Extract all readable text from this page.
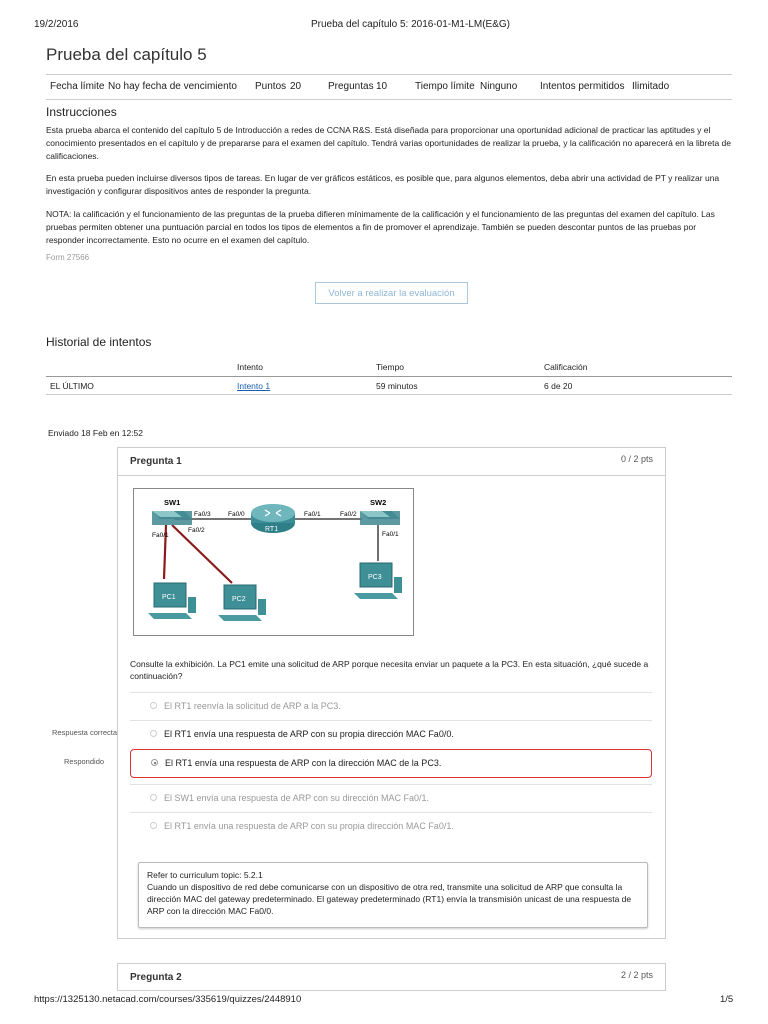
19/2/2016	Prueba del capítulo 5: 2016-01-M1-LM(E&G)
Prueba del capítulo 5
Fecha límite No hay fecha de vencimiento Puntos 20	Preguntas 10	Tiempo límite Ninguno Intentos permitidos Ilimitado
Instrucciones
Esta prueba abarca el contenido del capítulo 5 de Introducción a redes de CCNA R&S. Está diseñada para proporcionar una oportunidad adicional de practicar las aptitudes y el conocimiento presentados en el capítulo y de prepararse para el examen del capítulo. Tendrá varias oportunidades de realizar la prueba, y la calificación no aparecerá en la libreta de calificaciones.
En esta prueba pueden incluirse diversos tipos de tareas. En lugar de ver gráficos estáticos, es posible que, para algunos elementos, deba abrir una actividad de PT y realizar una investigación y configurar dispositivos antes de responder la pregunta.
NOTA: la calificación y el funcionamiento de las preguntas de la prueba difieren mínimamente de la calificación y el funcionamiento de las preguntas del examen del capítulo. Las pruebas permiten obtener una puntuación parcial en todos los tipos de elementos a fin de promover el aprendizaje. También se pueden descontar puntos de las pruebas por responder incorrectamente. Esto no ocurre en el examen del capítulo.
Form 27566
Volver a realizar la evaluación
Historial de intentos
Intento	Tiempo	Calificación
EL ÚLTIMO	Intento 1	59 minutos	6 de 20
Enviado 18 Feb en 12:52
Pregunta 1	0 / 2 pts
SW1
Fa0/3
Fa0/2
Fa0/1
RT1
Fa0/0	Fa0/1
SW2
Fa0/2
Fa0/1
PC1	PC2
PC3
Consulte la exhibición. La PC1 emite una solicitud de ARP porque necesita enviar un paquete a la PC3. En esta situación, ¿qué sucede a continuación?
El RT1 reenvía la solicitud de ARP a la PC3.
El RT1 envía una respuesta de ARP con su propia dirección MAC Fa0/0.
El RT1 envía una respuesta de ARP con la dirección MAC de la PC3.
El SW1 envía una respuesta de ARP con su dirección MAC Fa0/1.
El RT1 envía una respuesta de ARP con su propia dirección MAC Fa0/1.
Refer to curriculum topic: 5.2.1
Cuando un dispositivo de red debe comunicarse con un dispositivo de otra red, transmite una solicitud de ARP que consulta la dirección MAC del gateway predeterminado. El gateway predeterminado (RT1) envía la transmisión unicast de una respuesta de ARP con la dirección MAC Fa0/0.
Respuesta correcta
Respondido
Pregunta 2	2 / 2 pts
https://1325130.netacad.com/courses/335619/quizzes/2448910	1/5
